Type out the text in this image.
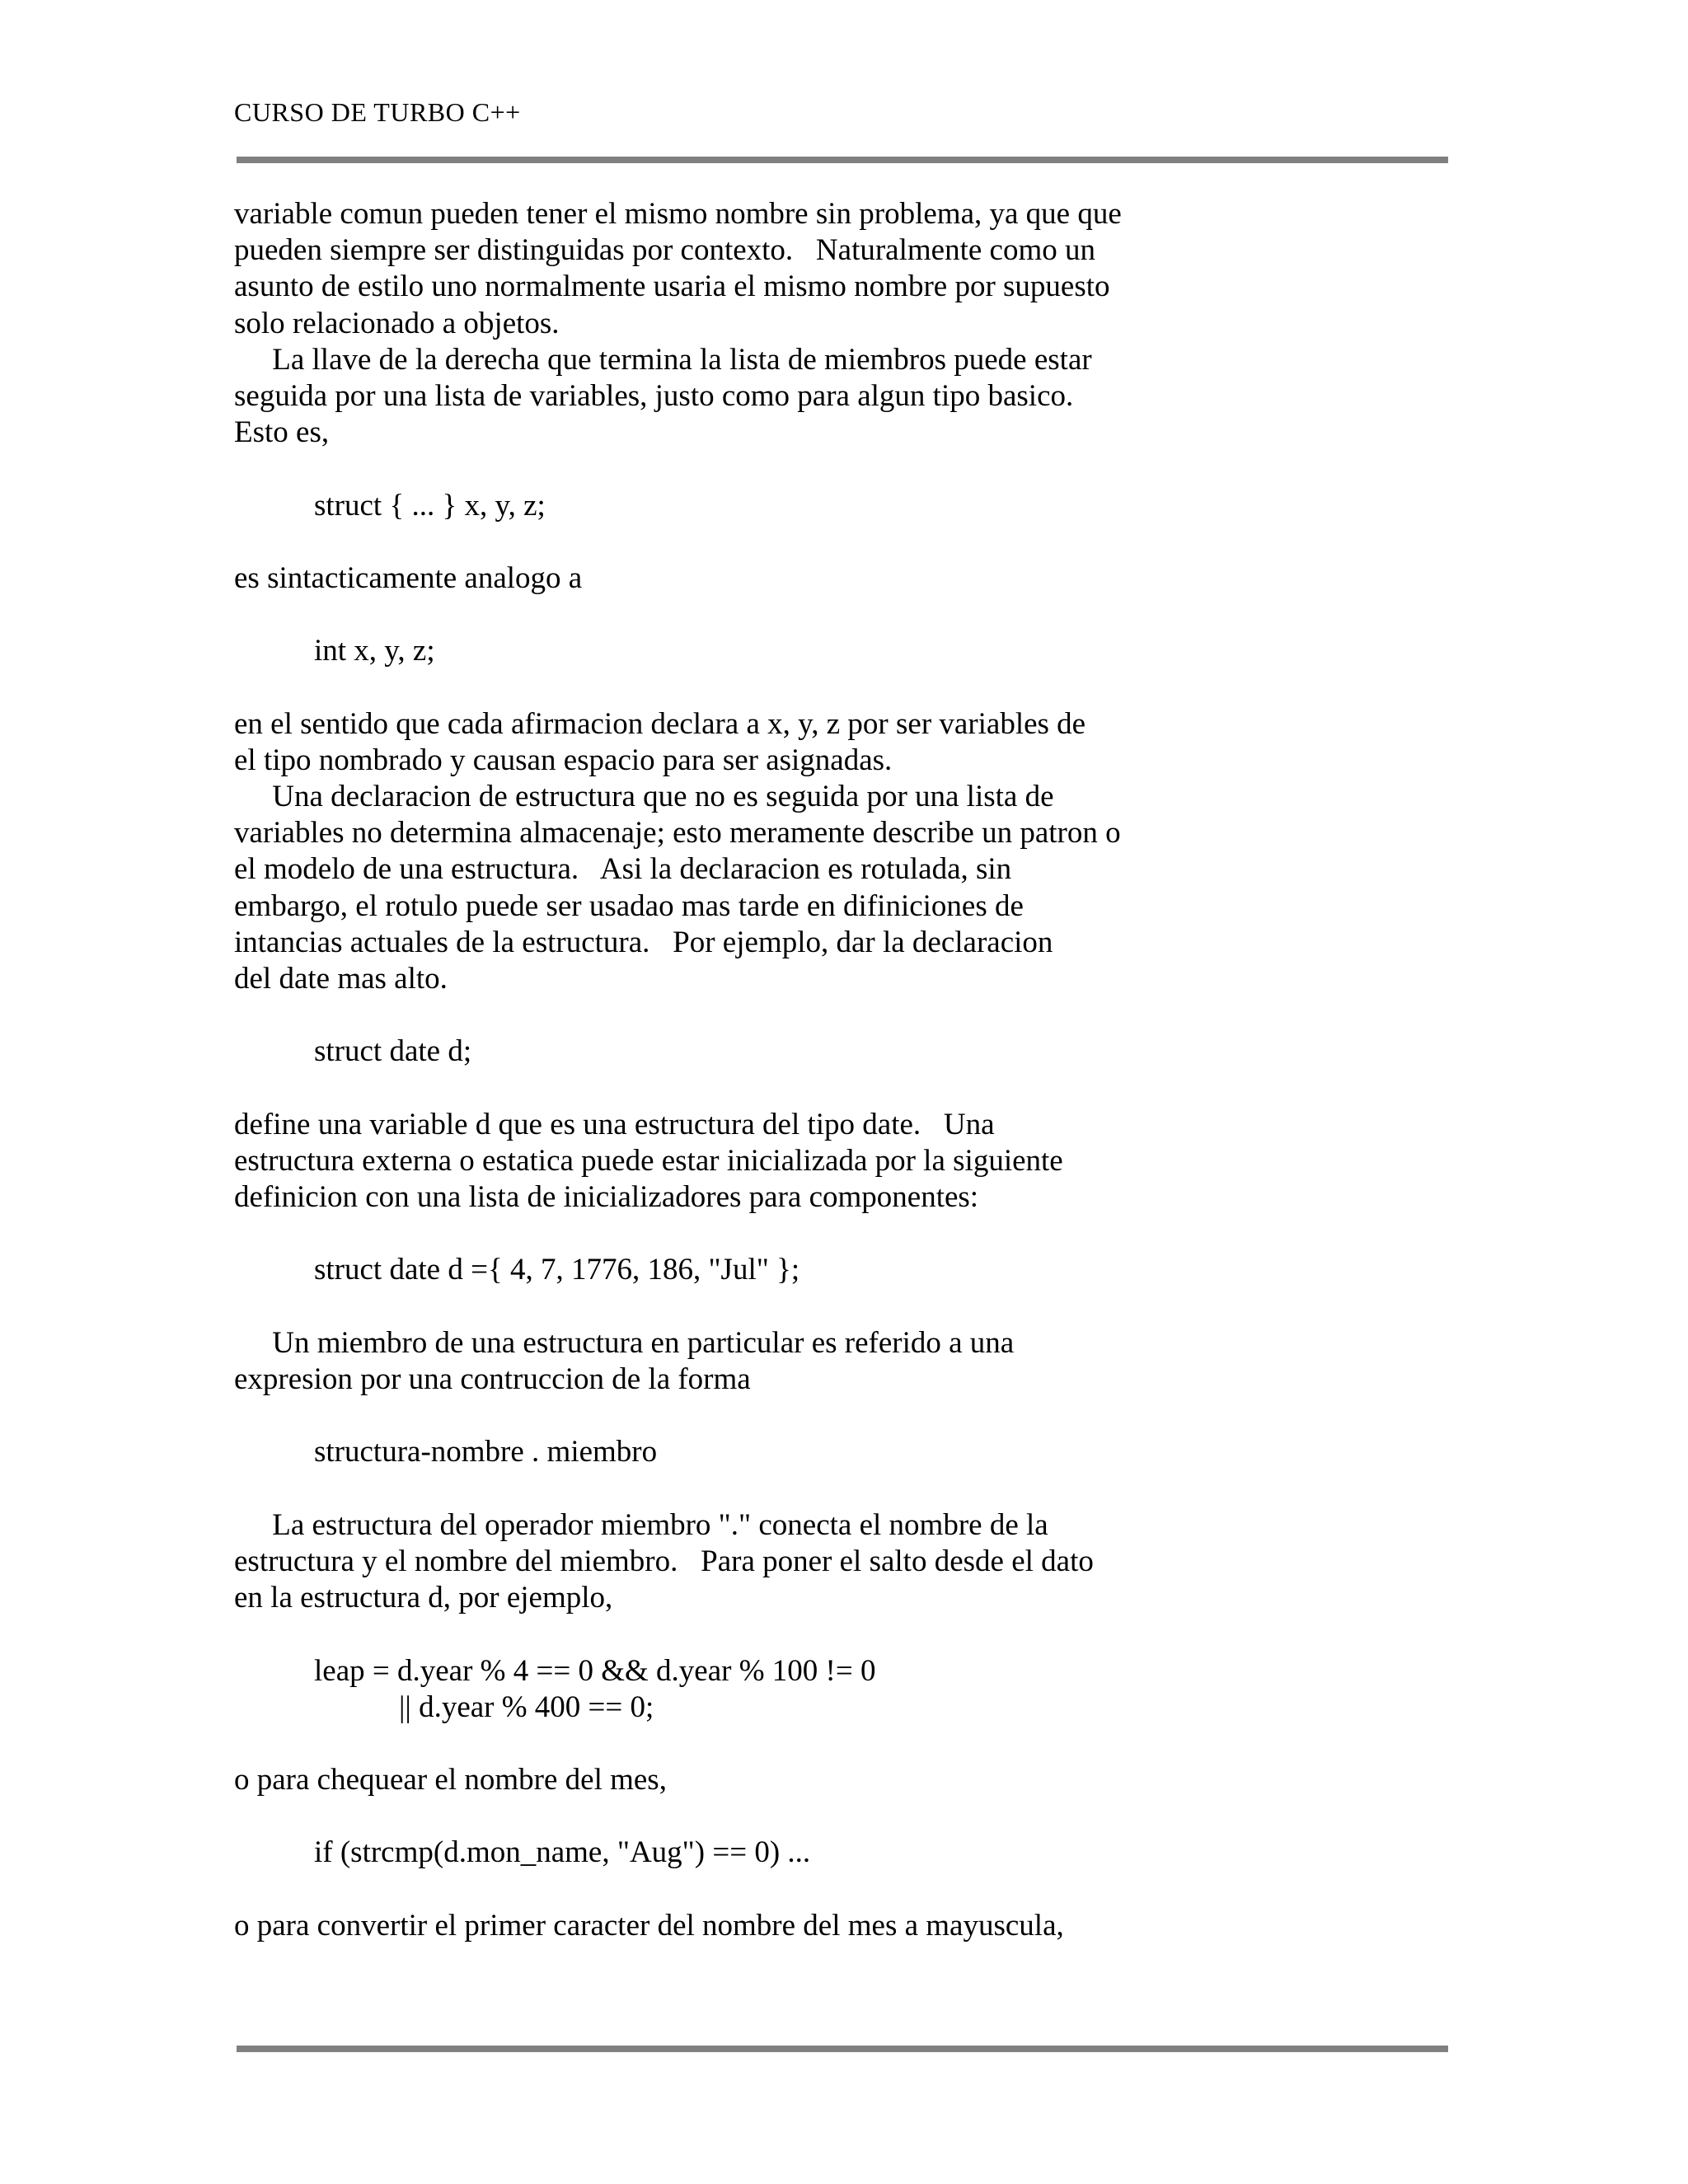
CURSO DE TURBO C++
variable comun pueden tener el mismo nombre sin problema, ya que que
pueden siempre ser distinguidas por contexto.   Naturalmente como un
asunto de estilo uno normalmente usaria el mismo nombre por supuesto
solo relacionado a objetos.
La llave de la derecha que termina la lista de miembros puede estar
seguida por una lista de variables, justo como para algun tipo basico.
Esto es,
struct { ... } x, y, z;
es sintacticamente analogo a
int x, y, z;
en el sentido que cada afirmacion declara a x, y, z por ser variables de
el tipo nombrado y causan espacio para ser asignadas.
Una declaracion de estructura que no es seguida por una lista de
variables no determina almacenaje; esto meramente describe un patron o
el modelo de una estructura.   Asi la declaracion es rotulada, sin
embargo, el rotulo puede ser usadao mas tarde en difiniciones de
intancias actuales de la estructura.   Por ejemplo, dar la declaracion
del date mas alto.
struct date d;
define una variable d que es una estructura del tipo date.   Una
estructura externa o estatica puede estar inicializada por la siguiente
definicion con una lista de inicializadores para componentes:
struct date d ={ 4, 7, 1776, 186, "Jul" };
Un miembro de una estructura en particular es referido a una
expresion por una contruccion de la forma
structura-nombre . miembro
La estructura del operador miembro "." conecta el nombre de la
estructura y el nombre del miembro.   Para poner el salto desde el dato
en la estructura d, por ejemplo,
leap = d.year % 4 == 0 && d.year % 100 != 0
|| d.year % 400 == 0;
o para chequear el nombre del mes,
if (strcmp(d.mon_name, "Aug") == 0) ...
o para convertir el primer caracter del nombre del mes a mayuscula,
